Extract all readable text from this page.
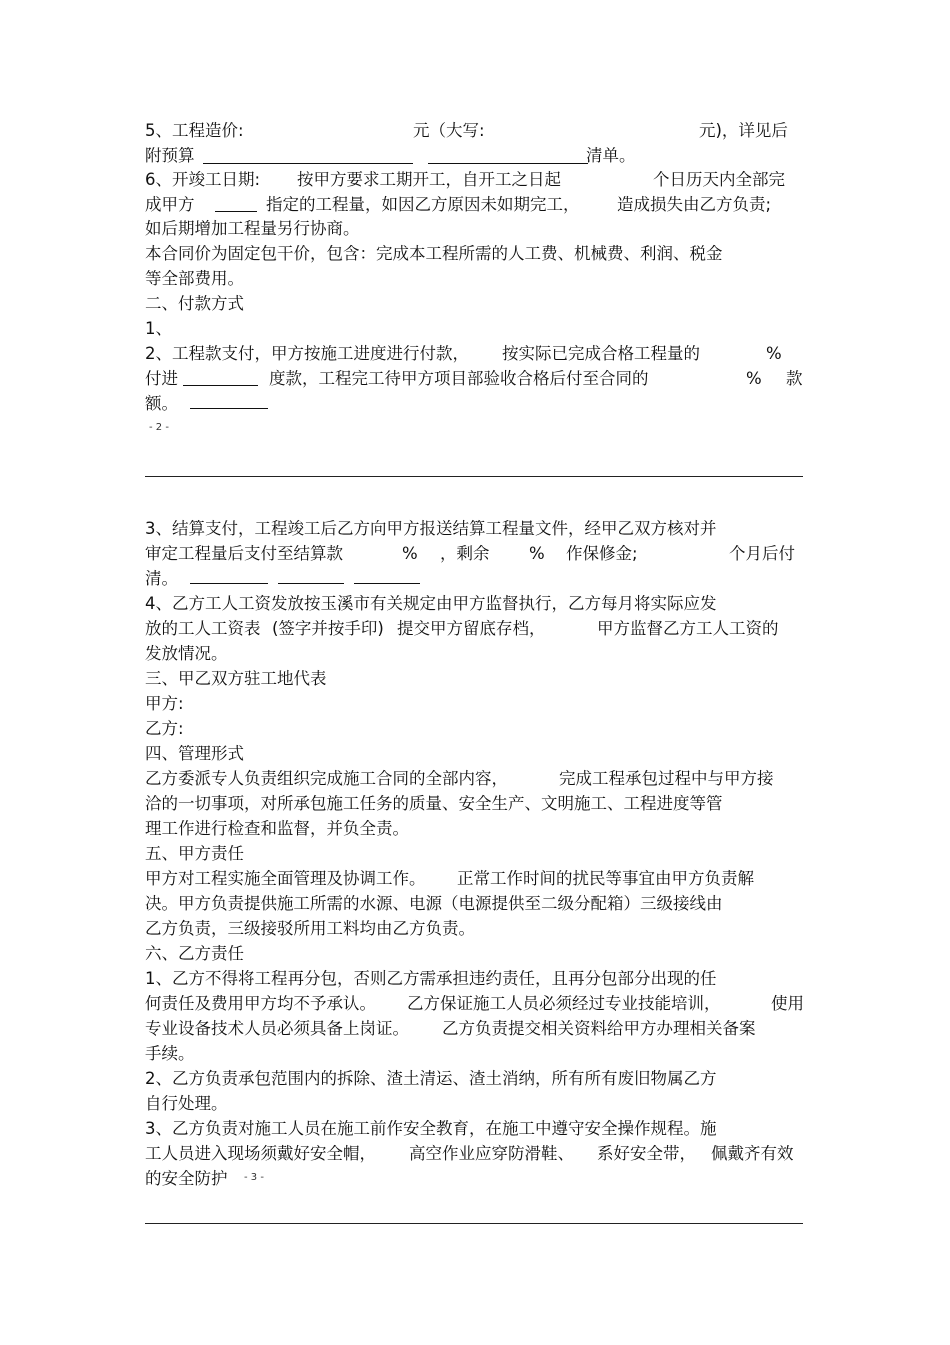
5、工程造价:	元（大写:	元)，详见后
附预算	清单。
6、开竣工日期: 按甲方要求工期开工，自开工之日起	个日历天内全部完
成甲方	指定的工程量，如因乙方原因未如期完工， 造成损失由乙方负责;
如后期增加工程量另行协商。
本合同价为固定包干价，包含：完成本工程所需的人工费、机械费、利润、税金
等全部费用。
二、付款方式
1、
2、工程款支付，甲方按施工进度进行付款， 按实际已完成合格工程量的	%
付进	度款，工程完工待甲方项目部验收合格后付至合同的	% 款
额。
- 2 -
3、结算支付，工程竣工后乙方向甲方报送结算工程量文件，经甲乙双方核对并
审定工程量后支付至结算款	% ，剩余 % 作保修金;	个月后付
清。
4、乙方工人工资发放按玉溪市有关规定由甲方监督执行，乙方每月将实际应发
放的工人工资表 (签字并按手印) 提交甲方留底存档，	甲方监督乙方工人工资的
发放情况。
三、甲乙双方驻工地代表
甲方:
乙方:
四、管理形式
乙方委派专人负责组织完成施工合同的全部内容，	完成工程承包过程中与甲方接
洽的一切事项，对所承包施工任务的质量、安全生产、文明施工、工程进度等管
理工作进行检查和监督，并负全责。
五、甲方责任
甲方对工程实施全面管理及协调工作。 正常工作时间的扰民等事宜由甲方负责解
决。甲方负责提供施工所需的水源、电源（电源提供至二级分配箱）三级接线由
乙方负责，三级接驳所用工料均由乙方负责。
六、乙方责任
1、乙方不得将工程再分包，否则乙方需承担违约责任，且再分包部分出现的任
何责任及费用甲方均不予承认。 乙方保证施工人员必须经过专业技能培训，	使用
专业设备技术人员必须具备上岗证。 乙方负责提交相关资料给甲方办理相关备案
手续。
2、乙方负责承包范围内的拆除、渣土清运、渣土消纳，所有所有废旧物属乙方
自行处理。
3、乙方负责对施工人员在施工前作安全教育，在施工中遵守安全操作规程。施
工人员进入现场须戴好安全帽， 高空作业应穿防滑鞋、 系好安全带， 佩戴齐有效
的安全防护 - 3 -
